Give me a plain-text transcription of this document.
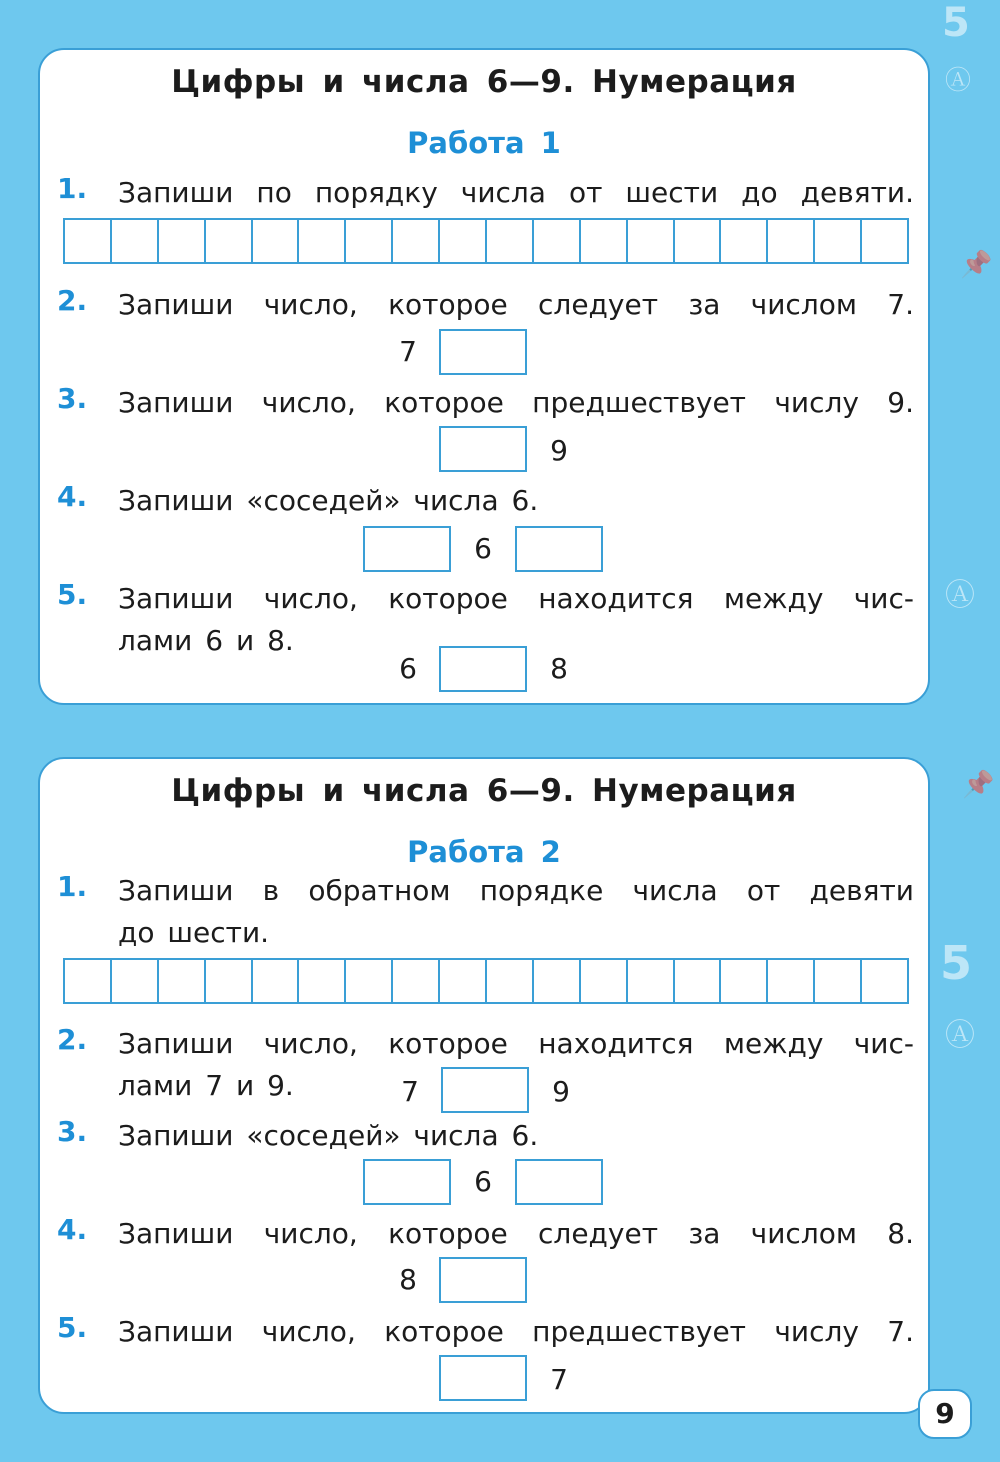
5
5
Ⓐ
Ⓐ
Ⓐ
📌
📌
Цифры и числа 6—9. Нумерация
Работа 1
1. Запиши по порядку числа от шести до девяти.
2. Запиши число, которое следует за числом 7.
7
3. Запиши число, которое предшествует числу 9.
9
4. Запиши «соседей» числа 6.
6
5. Запиши число, которое находится между чис-
лами 6 и 8.
6	8
Цифры и числа 6—9. Нумерация
Работа 2
1. Запиши в обратном порядке числа от девяти
до шести.
2. Запиши число, которое находится между чис-
лами 7 и 9.	7	9
3. Запиши «соседей» числа 6.
6
4. Запиши число, которое следует за числом 8.
8
5. Запиши число, которое предшествует числу 7.
7
9
